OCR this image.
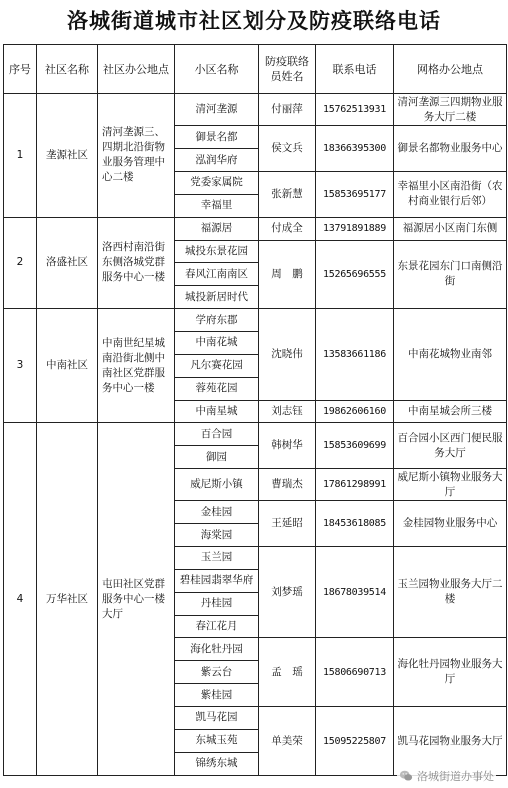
洛城街道城市社区划分及防疫联络电话
序号	社区名称	社区办公地点	小区名称	防疫联络员姓名	联系电话	网格办公地点
1	垄源社区	清河垄源三、四期北沿街物业服务管理中心二楼	清河垄源	付丽萍	15762513931	清河垄源三四期物业服务大厅二楼
			御景名都	侯文兵	18366395300	御景名都物业服务中心
			泓润华府			
			党委家属院	张新慧	15853695177	幸福里小区南沿街（农村商业银行后邻）
			幸福里			
2	洛盛社区	洛西村南沿街东侧洛城党群服务中心一楼	福源居	付成全	13791891889	福源居小区南门东侧
			城投东景花园	周　鹏	15265696555	东景花园东门口南侧沿街
			春风江南南区			
			城投新居时代			
3	中南社区	中南世纪星城南沿街北侧中南社区党群服务中心一楼	学府东郡	沈晓伟	13583661186	中南花城物业南邻
			中南花城			
			凡尔赛花园			
			蓉苑花园			
			中南星城	刘志钰	19862606160	中南星城会所三楼
4	万华社区	屯田社区党群服务中心一楼大厅	百合园	韩树华	15853609699	百合园小区西门便民服务大厅
			御园			
			威尼斯小镇	曹瑞杰	17861298991	威尼斯小镇物业服务大厅
			金桂园	王延昭	18453618085	金桂园物业服务中心
			海棠园			
			玉兰园	刘梦瑶	18678039514	玉兰园物业服务大厅二楼
			碧桂园翡翠华府			
			丹桂园			
			春江花月			
			海化牡丹园	孟　瑶	15806690713	海化牡丹园物业服务大厅
			紫云台			
			紫桂园			
			凯马花园	单美荣	15095225807	凯马花园物业服务大厅
			东城玉苑			
			锦绣东城			
洛城街道办事处
